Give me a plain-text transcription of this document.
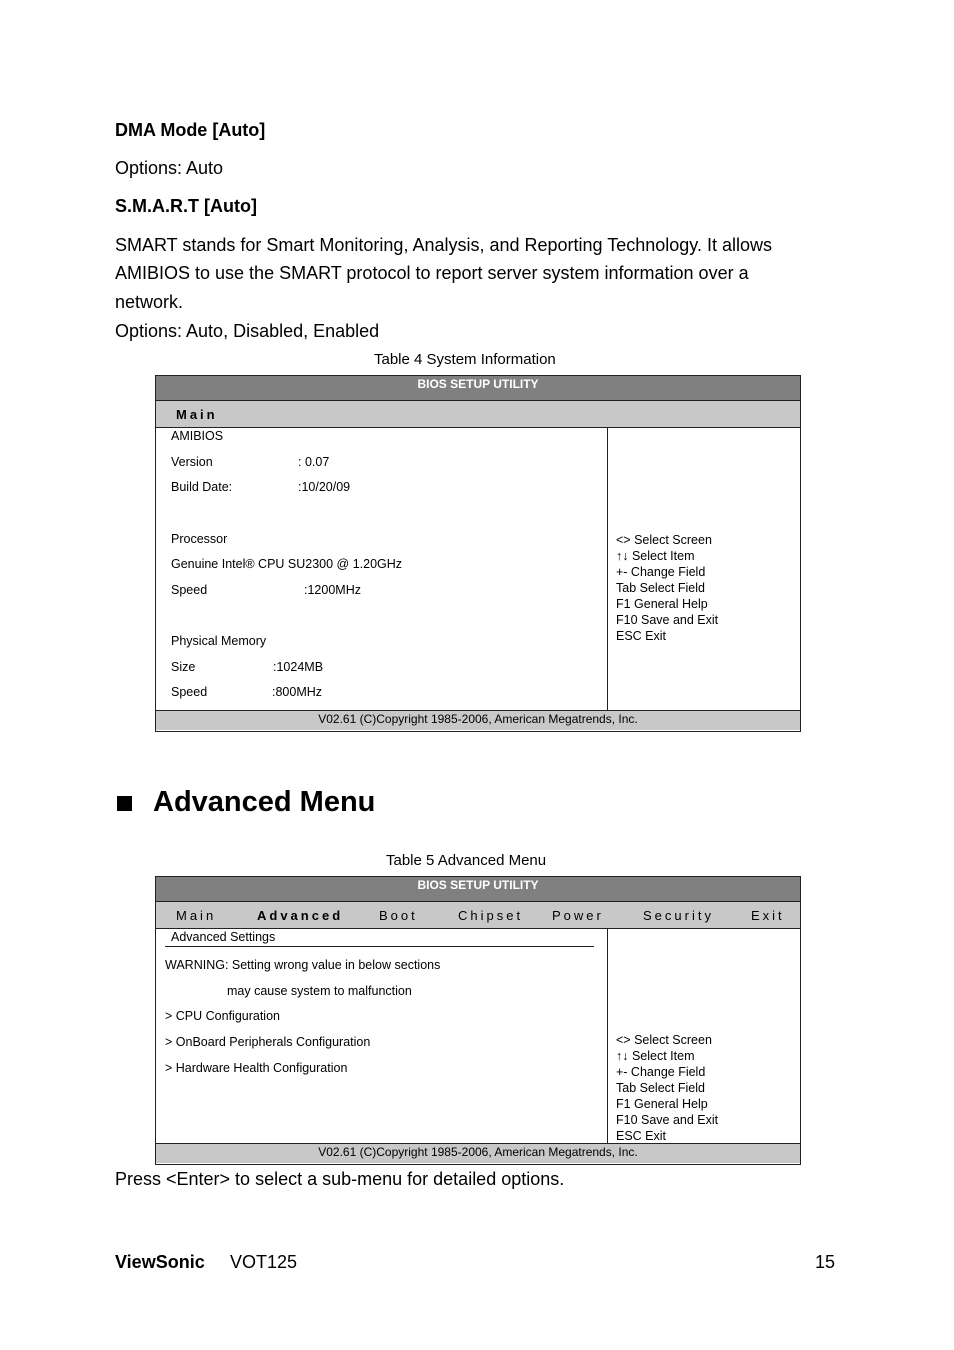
DMA Mode [Auto]
Options: Auto
S.M.A.R.T [Auto]
SMART stands for Smart Monitoring, Analysis, and Reporting Technology. It allows
AMIBIOS to use the SMART protocol to report server system information over a
network.
Options: Auto, Disabled, Enabled
Table 4 System Information
BIOS SETUP UTILITY
Main
AMIBIOS
Version	: 0.07
Build Date:	:10/20/09
Processor
Genuine Intel® CPU SU2300 @ 1.20GHz
Speed	:1200MHz
Physical Memory
Size	:1024MB
Speed	:800MHz
<> Select Screen
↑↓ Select Item
+- Change Field
Tab Select Field
F1 General Help
F10 Save and Exit
ESC Exit
V02.61 (C)Copyright 1985-2006, American Megatrends, Inc.
Advanced Menu
Table 5 Advanced Menu
BIOS SETUP UTILITY
Main	Advanced	Boot	Chipset Power	Security	Exit
Advanced Settings
WARNING: Setting wrong value in below sections
may cause system to malfunction
> CPU Configuration
> OnBoard Peripherals Configuration
> Hardware Health Configuration
<> Select Screen
↑↓ Select Item
+- Change Field
Tab Select Field
F1 General Help
F10 Save and Exit
ESC Exit
V02.61 (C)Copyright 1985-2006, American Megatrends, Inc.
Press <Enter> to select a sub-menu for detailed options.
ViewSonic VOT125	15
